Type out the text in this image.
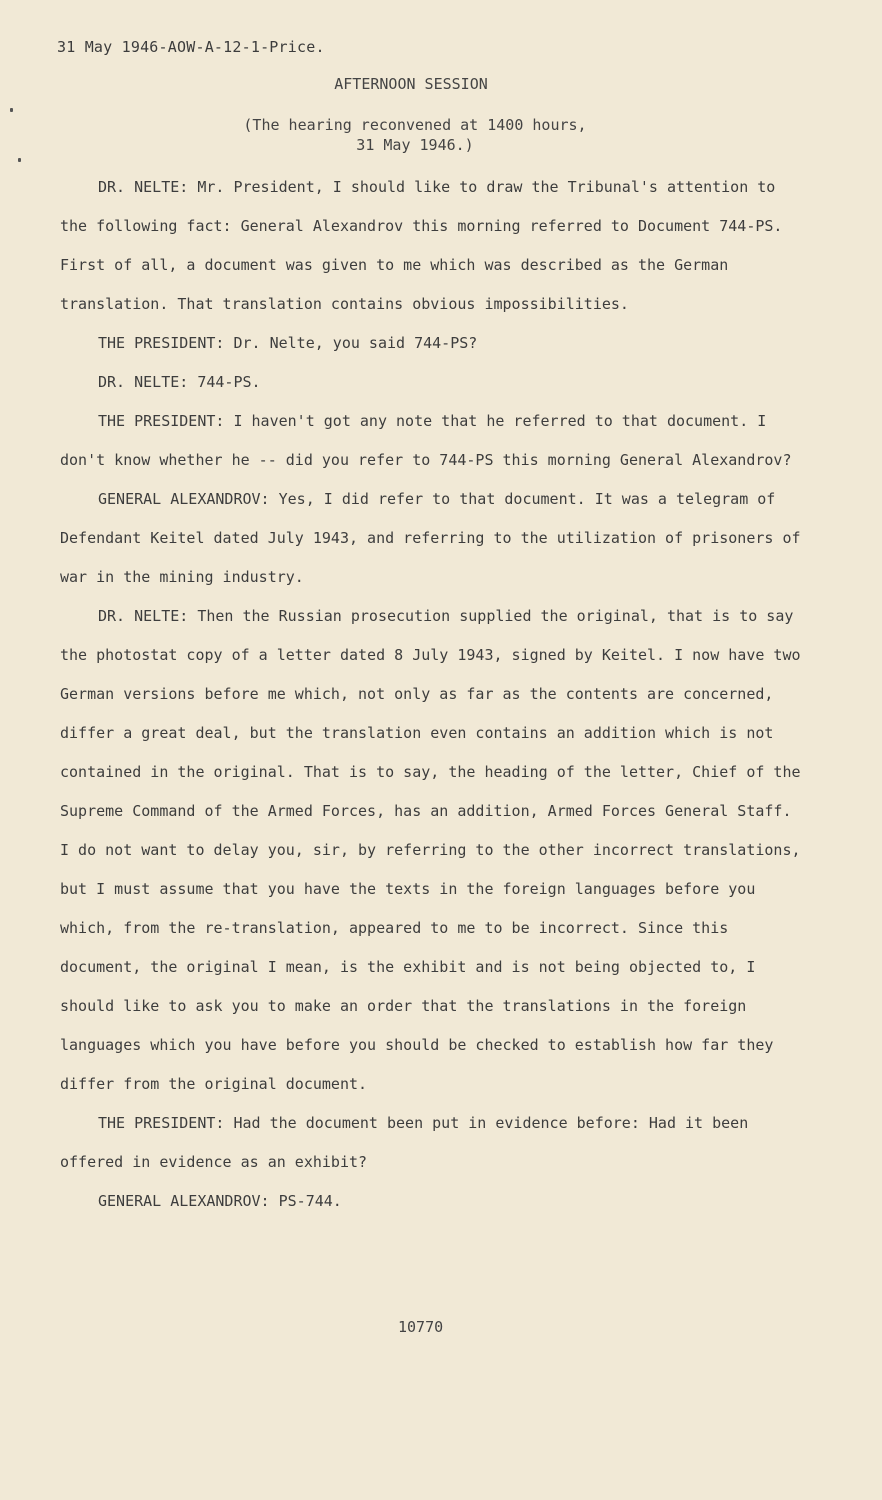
31 May 1946-AOW-A-12-1-Price.
AFTERNOON SESSION
(The hearing reconvened at 1400 hours,
31 May 1946.)

DR. NELTE: Mr. President, I should like to draw the Tribunal's attention to the following fact: General Alexandrov this morning referred to Document 744-PS. First of all, a document was given to me which was described as the German translation. That translation contains obvious impossibilities.

THE PRESIDENT: Dr. Nelte, you said 744-PS?

DR. NELTE: 744-PS.

THE PRESIDENT: I haven't got any note that he referred to that document. I don't know whether he -- did you refer to 744-PS this morning General Alexandrov?

GENERAL ALEXANDROV: Yes, I did refer to that document. It was a telegram of Defendant Keitel dated July 1943, and referring to the utilization of prisoners of war in the mining industry.

DR. NELTE: Then the Russian prosecution supplied the original, that is to say the photostat copy of a letter dated 8 July 1943, signed by Keitel. I now have two German versions before me which, not only as far as the contents are concerned, differ a great deal, but the translation even contains an addition which is not contained in the original. That is to say, the heading of the letter, Chief of the Supreme Command of the Armed Forces, has an addition, Armed Forces General Staff. I do not want to delay you, sir, by referring to the other incorrect translations, but I must assume that you have the texts in the foreign languages before you which, from the re-translation, appeared to me to be incorrect. Since this document, the original I mean, is the exhibit and is not being objected to, I should like to ask you to make an order that the translations in the foreign languages which you have before you should be checked to establish how far they differ from the original document.

THE PRESIDENT: Had the document been put in evidence before: Had it been offered in evidence as an exhibit?

GENERAL ALEXANDROV: PS-744.

10770
